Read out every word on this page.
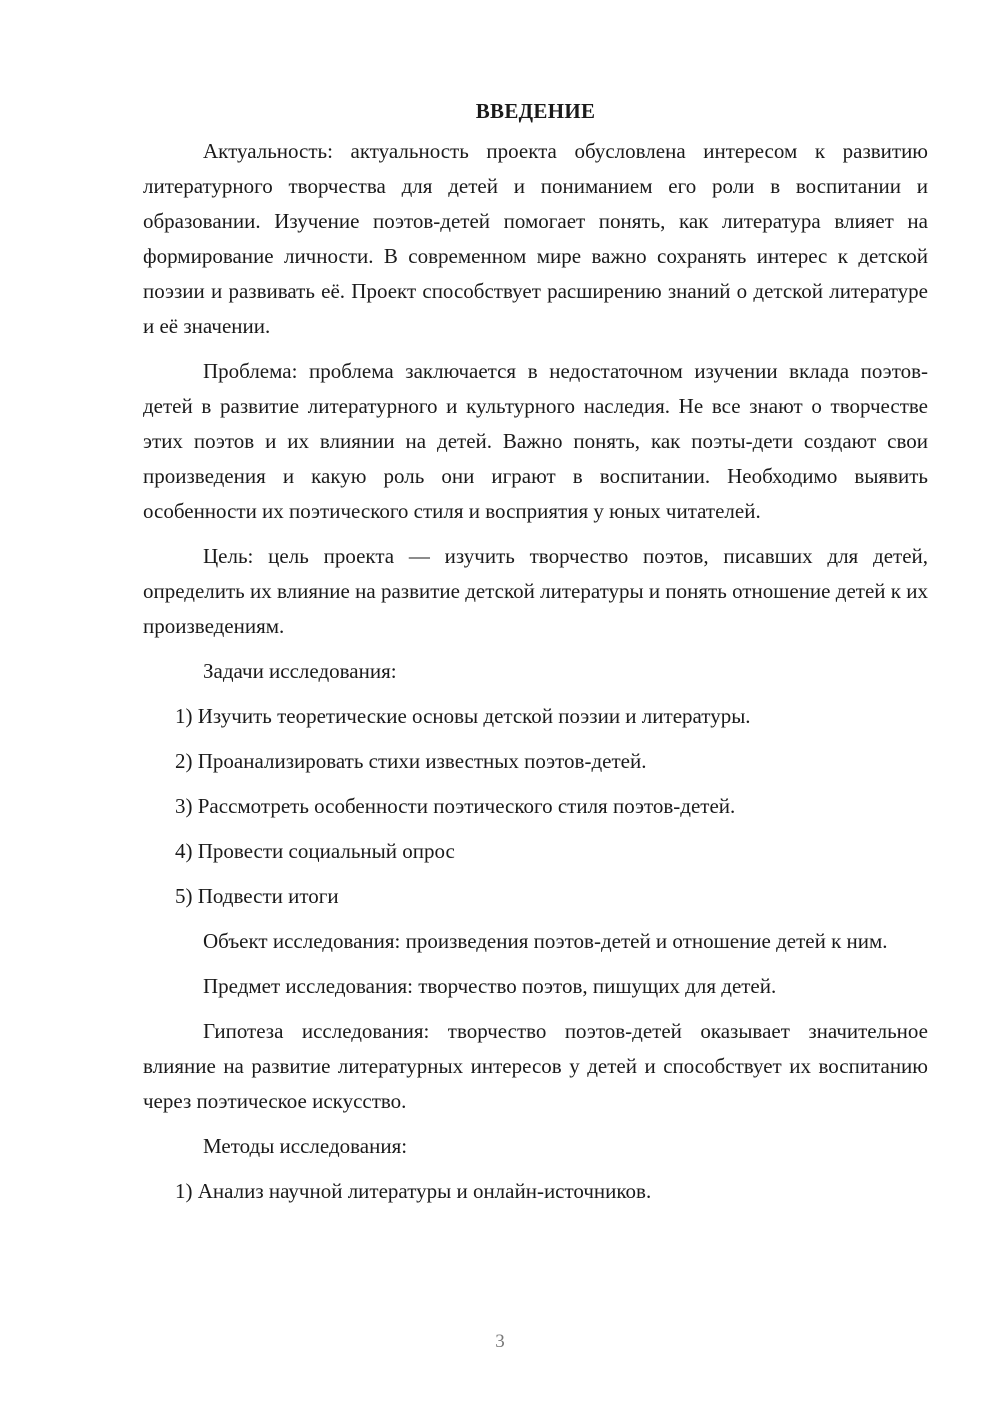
ВВЕДЕНИЕ

Актуальность: актуальность проекта обусловлена интересом к развитию литературного творчества для детей и пониманием его роли в воспитании и образовании. Изучение поэтов-детей помогает понять, как литература влияет на формирование личности. В современном мире важно сохранять интерес к детской поэзии и развивать её. Проект способствует расширению знаний о детской литературе и её значении.

Проблема: проблема заключается в недостаточном изучении вклада поэтов-детей в развитие литературного и культурного наследия. Не все знают о творчестве этих поэтов и их влиянии на детей. Важно понять, как поэты-дети создают свои произведения и какую роль они играют в воспитании. Необходимо выявить особенности их поэтического стиля и восприятия у юных читателей.

Цель: цель проекта — изучить творчество поэтов, писавших для детей, определить их влияние на развитие детской литературы и понять отношение детей к их произведениям.

Задачи исследования:

1) Изучить теоретические основы детской поэзии и литературы.

2) Проанализировать стихи известных поэтов-детей.

3) Рассмотреть особенности поэтического стиля поэтов-детей.

4) Провести социальный опрос

5) Подвести итоги

Объект исследования: произведения поэтов-детей и отношение детей к ним.

Предмет исследования: творчество поэтов, пишущих для детей.

Гипотеза исследования: творчество поэтов-детей оказывает значительное влияние на развитие литературных интересов у детей и способствует их воспитанию через поэтическое искусство.

Методы исследования:

1) Анализ научной литературы и онлайн-источников.

3
